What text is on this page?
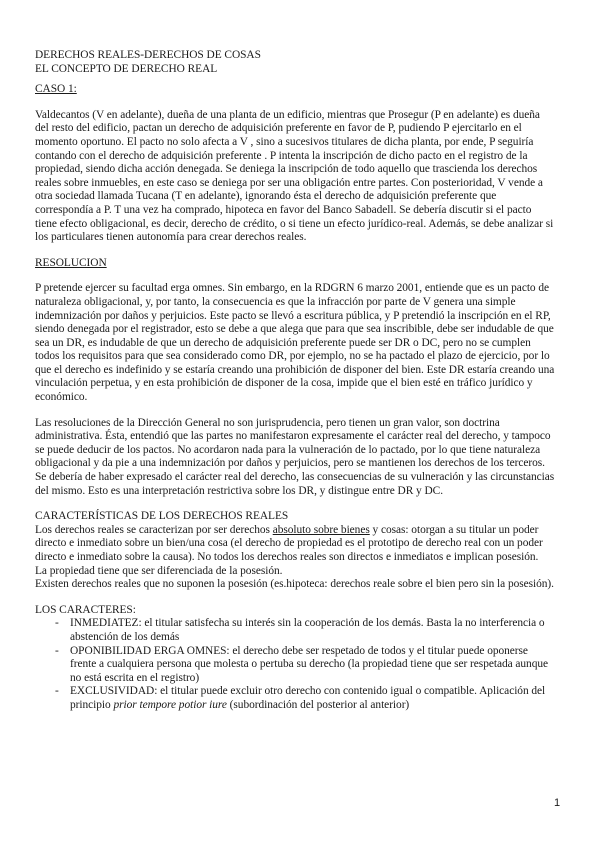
DERECHOS REALES-DERECHOS DE COSAS

EL CONCEPTO DE DERECHO REAL

CASO 1:

Valdecantos (V en adelante), dueña de una planta de un edificio, mientras que Prosegur (P en adelante) es dueña del resto del edificio, pactan un derecho de adquisición preferente en favor de P, pudiendo P ejercitarlo en el momento oportuno. El pacto no solo afecta a V , sino a sucesivos titulares de dicha planta, por ende, P seguiría contando con el derecho de adquisición preferente . P intenta la inscripción de dicho pacto en el registro de la propiedad, siendo dicha acción denegada. Se deniega la inscripción de todo aquello que trascienda los derechos reales sobre inmuebles, en este caso se deniega por ser una obligación entre partes. Con posterioridad, V vende a otra sociedad llamada Tucana (T en adelante), ignorando ésta el derecho de adquisición preferente que correspondía a P. T una vez ha comprado, hipoteca en favor del Banco Sabadell. Se debería discutir si el pacto tiene efecto obligacional, es decir, derecho de crédito, o si tiene un efecto jurídico-real. Además, se debe analizar si los particulares tienen autonomía para crear derechos reales.

RESOLUCION

P pretende ejercer su facultad erga omnes. Sin embargo, en la RDGRN 6 marzo 2001, entiende que es un pacto de naturaleza obligacional, y, por tanto, la consecuencia es que la infracción por parte de V genera una simple indemnización por daños y perjuicios. Este pacto se llevó a escritura pública, y P pretendió la inscripción en el RP, siendo denegada por el registrador, esto se debe a que alega que para que sea inscribible, debe ser indudable de que sea un DR, es indudable de que un derecho de adquisición preferente puede ser DR o DC, pero no se cumplen todos los requisitos para que sea considerado como DR, por ejemplo, no se ha pactado el plazo de ejercicio, por lo que el derecho es indefinido y se estaría creando una prohibición de disponer del bien. Este DR estaría creando una vinculación perpetua, y en esta prohibición de disponer de la cosa, impide que el bien esté en tráfico jurídico y económico.

Las resoluciones de la Dirección General no son jurisprudencia, pero tienen un gran valor, son doctrina administrativa. Ésta, entendió que las partes no manifestaron expresamente el carácter real del derecho, y tampoco se puede deducir de los pactos. No acordaron nada para la vulneración de lo pactado, por lo que tiene naturaleza obligacional y da pie a una indemnización por daños y perjuicios, pero se mantienen los derechos de los terceros. Se debería de haber expresado el carácter real del derecho, las consecuencias de su vulneración y las circunstancias del mismo. Esto es una interpretación restrictiva sobre los DR, y distingue entre DR y DC.

CARACTERÍSTICAS DE LOS DERECHOS REALES

Los derechos reales se caracterizan por ser derechos absoluto sobre bienes y cosas: otorgan a su titular un poder directo e inmediato sobre un bien/una cosa (el derecho de propiedad es el prototipo de derecho real con un poder directo e inmediato sobre la causa). No todos los derechos reales son directos e inmediatos e implican posesión.

La propiedad tiene que ser diferenciada de la posesión.

Existen derechos reales que no suponen la posesión (es.hipoteca: derechos reale sobre el bien pero sin la posesión).

LOS CARACTERES:

- INMEDIATEZ: el titular satisfecha su interés sin la cooperación de los demás. Basta la no interferencia o abstención de los demás
- OPONIBILIDAD ERGA OMNES: el derecho debe ser respetado de todos y el titular puede oponerse frente a cualquiera persona que molesta o pertuba su derecho (la propiedad tiene que ser respetada aunque no está escrita en el registro)
- EXCLUSIVIDAD: el titular puede excluir otro derecho con contenido igual o compatible. Aplicación del principio prior tempore potior iure (subordinación del posterior al anterior)
1
